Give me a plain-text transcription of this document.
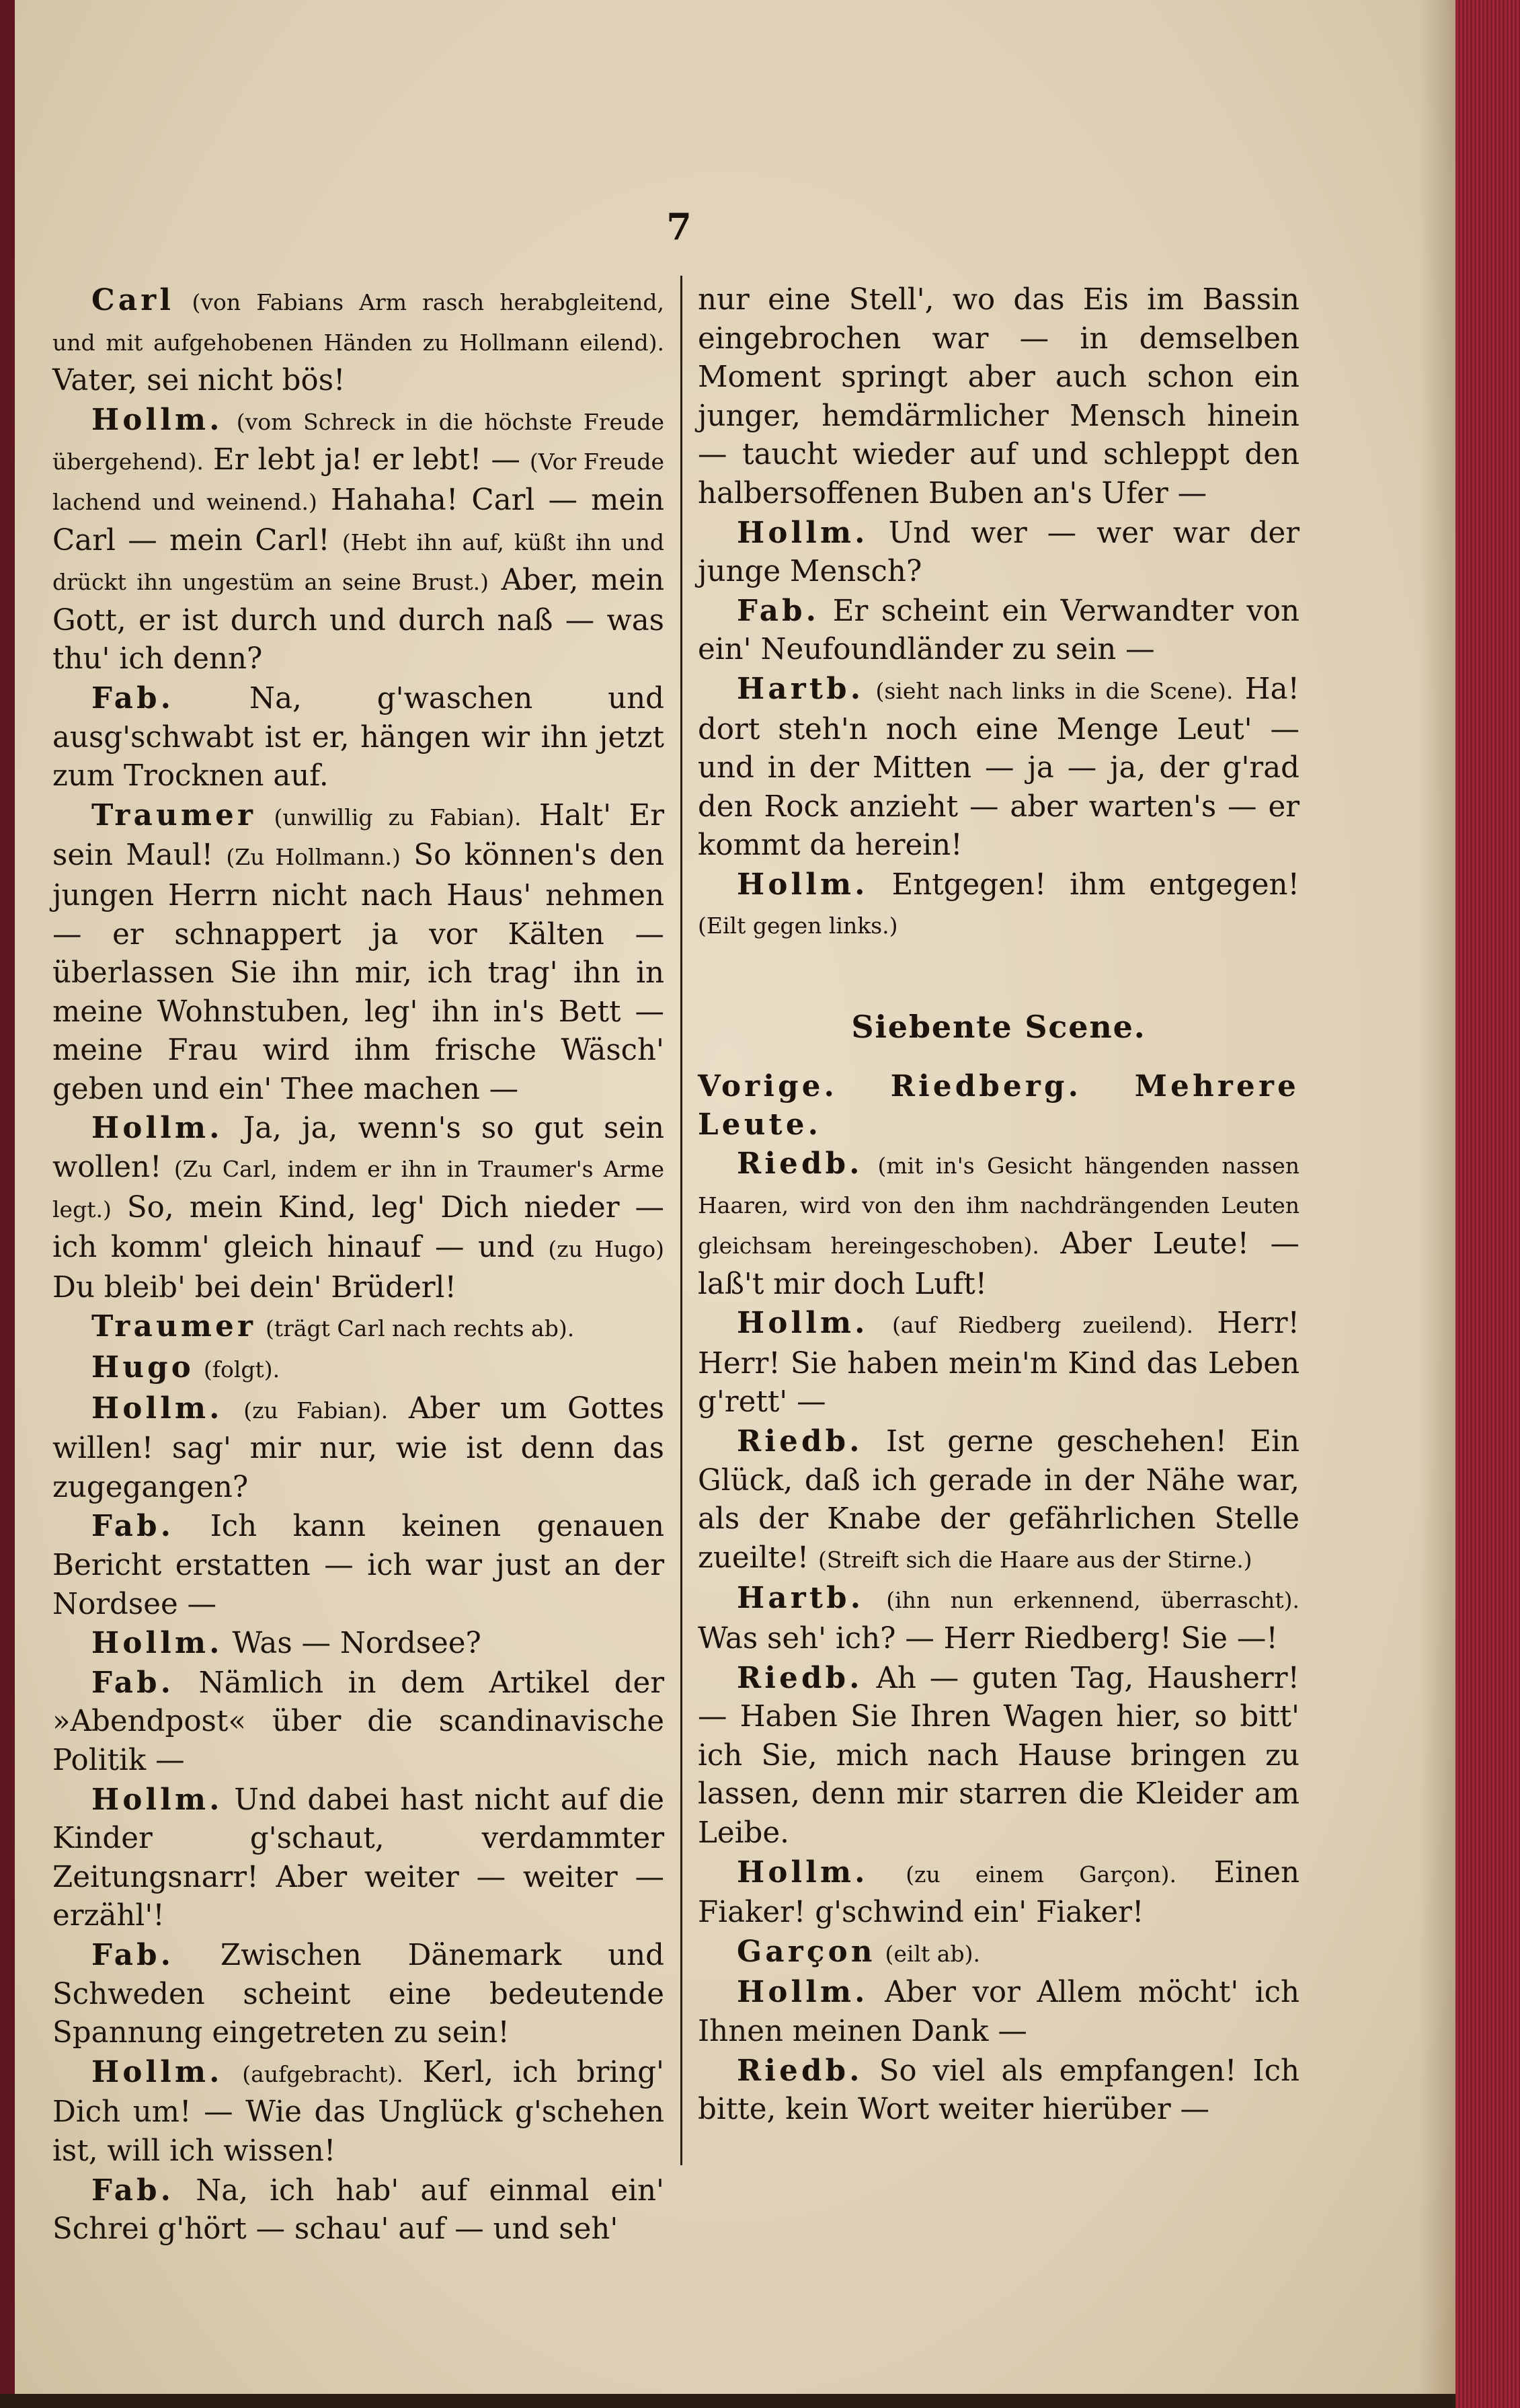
7

Carl (von Fabians Arm rasch herabgleitend, und mit aufgehobenen Händen zu Hollmann eilend). Vater, sei nicht bös!

Hollm. (vom Schreck in die höchste Freude übergehend). Er lebt ja! er lebt! — (Vor Freude lachend und weinend.) Hahaha! Carl — mein Carl — mein Carl! (Hebt ihn auf, küßt ihn und drückt ihn ungestüm an seine Brust.) Aber, mein Gott, er ist durch und durch naß — was thu' ich denn?

Fab.	Na, g'waschen und ausg'schwabt ist er, hängen wir ihn jetzt zum Trocknen auf.

Traumer (unwillig zu Fabian). Halt' Er sein Maul! (Zu Hollmann.) So können's den jungen Herrn nicht nach Haus' nehmen — er schnappert ja vor Kälten — überlassen Sie ihn mir, ich trag' ihn in meine Wohnstuben, leg' ihn in's Bett — meine Frau wird ihm frische Wäsch' geben und ein' Thee machen —

Hollm. Ja, ja, wenn's so gut sein wollen! (Zu Carl, indem er ihn in Traumer's Arme legt.) So, mein Kind, leg' Dich nieder — ich komm' gleich hinauf — und (zu Hugo) Du bleib' bei dein' Brüderl!

Traumer (trägt Carl nach rechts ab).

Hugo (folgt).

Hollm. (zu Fabian). Aber um Gottes willen! sag' mir nur, wie ist denn das zugegangen?

Fab. Ich kann keinen genauen Bericht erstatten — ich war just an der Nordsee —

Hollm. Was — Nordsee?

Fab. Nämlich in dem Artikel der »Abendpost« über die scandinavische Politik —

Hollm. Und dabei hast nicht auf die Kinder g'schaut, verdammter Zeitungsnarr! Aber weiter — weiter — erzähl'!

Fab. Zwischen Dänemark und Schweden scheint eine bedeutende Spannung eingetreten zu sein!

Hollm. (aufgebracht). Kerl, ich bring' Dich um! — Wie das Unglück g'schehen ist, will ich wissen!

Fab. Na, ich hab' auf einmal ein' Schrei g'hört — schau' auf — und seh'

nur eine Stell', wo das Eis im Bassin eingebrochen war — in demselben Moment springt aber auch schon ein junger, hemdärmlicher Mensch hinein — taucht wieder auf und schleppt den halbersoffenen Buben an's Ufer —

Hollm. Und wer — wer war der junge Mensch?

Fab. Er scheint ein Verwandter von ein' Neufoundländer zu sein —

Hartb. (sieht nach links in die Scene). Ha! dort steh'n noch eine Menge Leut' — und in der Mitten — ja — ja, der g'rad den Rock anzieht — aber warten's — er kommt da herein!

Hollm. Entgegen! ihm entgegen! (Eilt gegen links.)

Siebente Scene.

Vorige. Riedberg. Mehrere Leute.

Riedb. (mit in's Gesicht hängenden nassen Haaren, wird von den ihm nachdrängenden Leuten gleichsam hereingeschoben). Aber Leute! — laß't mir doch Luft!

Hollm. (auf Riedberg zueilend). Herr! Herr! Sie haben mein'm Kind das Leben g'rett' —

Riedb. Ist gerne geschehen! Ein Glück, daß ich gerade in der Nähe war, als der Knabe der gefährlichen Stelle zueilte! (Streift sich die Haare aus der Stirne.)

Hartb. (ihn nun erkennend, überrascht). Was seh' ich? — Herr Riedberg! Sie —!

Riedb. Ah — guten Tag, Hausherr! — Haben Sie Ihren Wagen hier, so bitt' ich Sie, mich nach Hause bringen zu lassen, denn mir starren die Kleider am Leibe.

Hollm. (zu einem Garçon). Einen Fiaker! g'schwind ein' Fiaker!

Garçon (eilt ab).

Hollm. Aber vor Allem möcht' ich Ihnen meinen Dank —

Riedb. So viel als empfangen! Ich bitte, kein Wort weiter hierüber —
